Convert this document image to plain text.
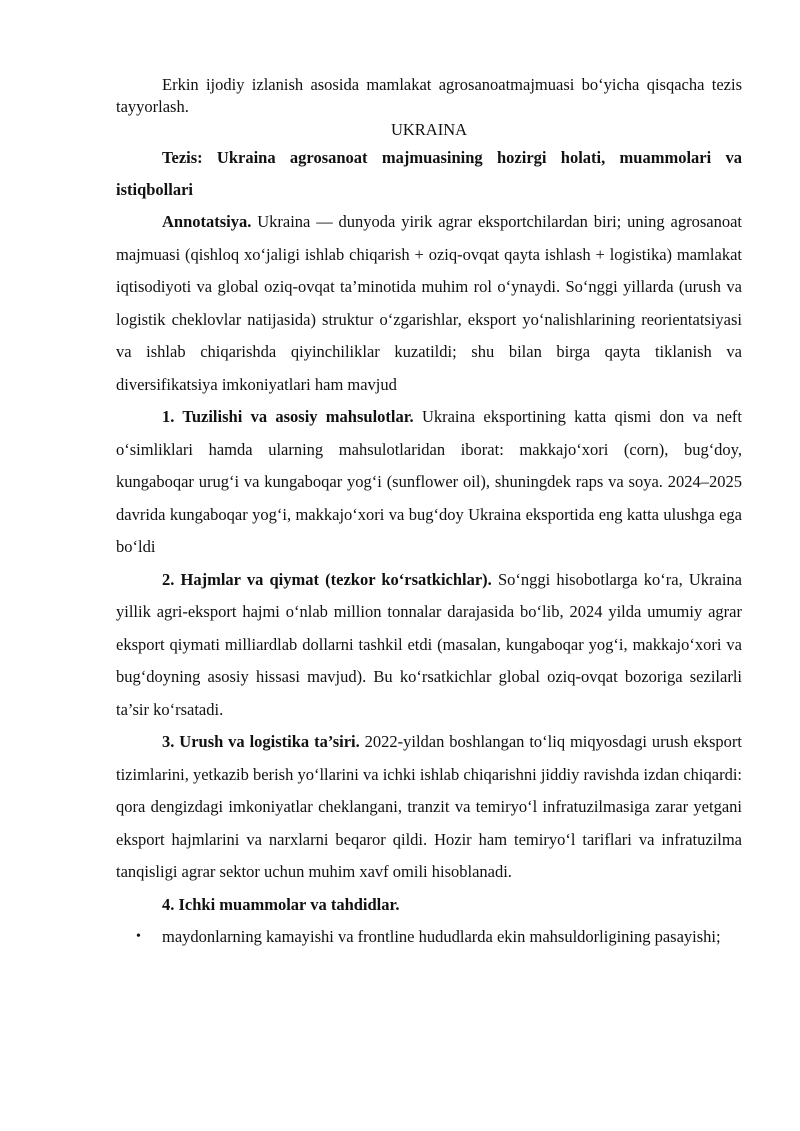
Erkin ijodiy izlanish asosida mamlakat agrosanoatmajmuasi bo‘yicha qisqacha tezis tayyorlash.

UKRAINA

Tezis: Ukraina agrosanoat majmuasining hozirgi holati, muammolari va istiqbollari

Annotatsiya. Ukraina — dunyoda yirik agrar eksportchilardan biri; uning agrosanoat majmuasi (qishloq xo‘jaligi ishlab chiqarish + oziq-ovqat qayta ishlash + logistika) mamlakat iqtisodiyoti va global oziq-ovqat ta’minotida muhim rol o‘ynaydi. So‘nggi yillarda (urush va logistik cheklovlar natijasida) struktur o‘zgarishlar, eksport yo‘nalishlarining reorientatsiyasi va ishlab chiqarishda qiyinchiliklar kuzatildi; shu bilan birga qayta tiklanish va diversifikatsiya imkoniyatlari ham mavjud

1. Tuzilishi va asosiy mahsulotlar. Ukraina eksportining katta qismi don va neft o‘simliklari hamda ularning mahsulotlaridan iborat: makkajo‘xori (corn), bug‘doy, kungaboqar urug‘i va kungaboqar yog‘i (sunflower oil), shuningdek raps va soya. 2024–2025 davrida kungaboqar yog‘i, makkajo‘xori va bug‘doy Ukraina eksportida eng katta ulushga ega bo‘ldi

2. Hajmlar va qiymat (tezkor ko‘rsatkichlar). So‘nggi hisobotlarga ko‘ra, Ukraina yillik agri-eksport hajmi o‘nlab million tonnalar darajasida bo‘lib, 2024 yilda umumiy agrar eksport qiymati milliardlab dollarni tashkil etdi (masalan, kungaboqar yog‘i, makkajo‘xori va bug‘doyning asosiy hissasi mavjud). Bu ko‘rsatkichlar global oziq-ovqat bozoriga sezilarli ta’sir ko‘rsatadi.

3. Urush va logistika ta’siri. 2022-yildan boshlangan to‘liq miqyosdagi urush eksport tizimlarini, yetkazib berish yo‘llarini va ichki ishlab chiqarishni jiddiy ravishda izdan chiqardi: qora dengizdagi imkoniyatlar cheklangani, tranzit va temiryo‘l infratuzilmasiga zarar yetgani eksport hajmlarini va narxlarni beqaror qildi. Hozir ham temiryo‘l tariflari va infratuzilma tanqisligi agrar sektor uchun muhim xavf omili hisoblanadi.

4. Ichki muammolar va tahdidlar.

• maydonlarning kamayishi va frontline hududlarda ekin mahsuldorligining pasayishi;
